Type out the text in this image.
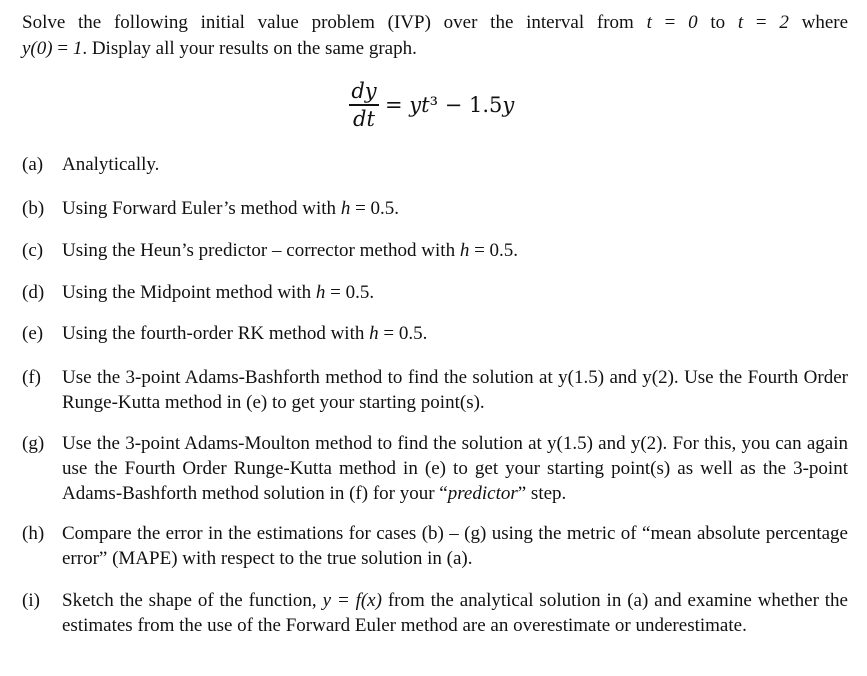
Solve the following initial value problem (IVP) over the interval from t = 0 to t = 2 where
y(0) = 1. Display all your results on the same graph.
$\frac{dy}{dt} = yt^3 - 1.5y$
(a) Analytically.
(b) Using Forward Euler’s method with h = 0.5.
(c) Using the Heun’s predictor – corrector method with h = 0.5.
(d) Using the Midpoint method with h = 0.5.
(e) Using the fourth-order RK method with h = 0.5.
(f)	Use the 3-point Adams-Bashforth method to find the solution at y(1.5) and y(2). Use the Fourth Order Runge-Kutta method in (e) to get your starting point(s).
(g) Use the 3-point Adams-Moulton method to find the solution at y(1.5) and y(2). For this, you can again use the Fourth Order Runge-Kutta method in (e) to get your starting point(s) as well as the 3-point Adams-Bashforth method solution in (f) for your “predictor” step.
(h) Compare the error in the estimations for cases (b) – (g) using the metric of “mean absolute percentage error” (MAPE) with respect to the true solution in (a).
(i)	Sketch the shape of the function, y = f(x) from the analytical solution in (a) and examine whether the estimates from the use of the Forward Euler method are an overestimate or underestimate.
